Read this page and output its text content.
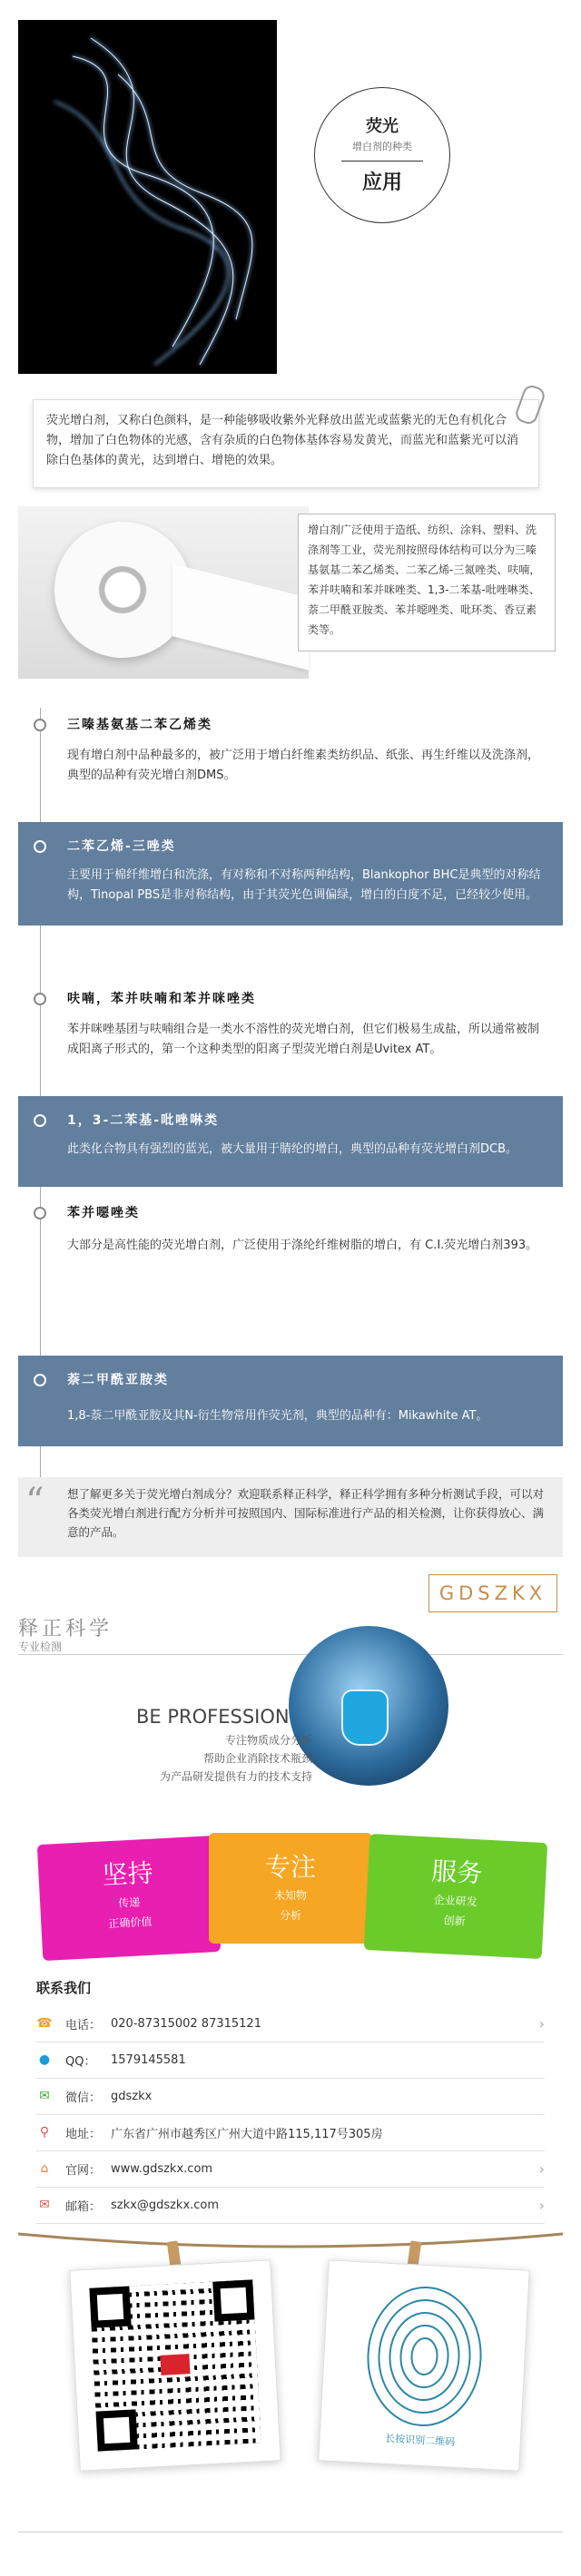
荧光
增白剂的种类
应用
荧光增白剂，又称白色颜料，是一种能够吸收紫外光释放出蓝光或蓝紫光的无色有机化合物，增加了白色物体的光感，含有杂质的白色物体基体容易发黄光，而蓝光和蓝紫光可以消除白色基体的黄光，达到增白、增艳的效果。
增白剂广泛使用于造纸、纺织、涂料、塑料、洗涤剂等工业，荧光剂按照母体结构可以分为三嗪基氨基二苯乙烯类、二苯乙烯-三氮唑类、呋喃，苯并呋喃和苯并咪唑类、1,3-二苯基-吡唑啉类、萘二甲酰亚胺类、苯并噁唑类、吡环类、香豆素类等。
三嗪基氨基二苯乙烯类
现有增白剂中品种最多的，被广泛用于增白纤维素类纺织品、纸张、再生纤维以及洗涤剂，典型的品种有荧光增白剂DMS。
二苯乙烯-三唑类
主要用于棉纤维增白和洗涤，有对称和不对称两种结构，Blankophor BHC是典型的对称结构，Tinopal PBS是非对称结构，由于其荧光色调偏绿，增白的白度不足，已经较少使用。
呋喃，苯并呋喃和苯并咪唑类
苯并咪唑基团与呋喃组合是一类水不溶性的荧光增白剂，但它们极易生成盐，所以通常被制成阳离子形式的，第一个这种类型的阳离子型荧光增白剂是Uvitex AT。
1，3-二苯基-吡唑啉类
此类化合物具有强烈的蓝光，被大量用于腈纶的增白，典型的品种有荧光增白剂DCB。
苯并噁唑类
大部分是高性能的荧光增白剂，广泛使用于涤纶纤维树脂的增白，有 C.I.荧光增白剂393。
萘二甲酰亚胺类
1,8-萘二甲酰亚胺及其N-衍生物常用作荧光剂，典型的品种有：Mikawhite AT。
想了解更多关于荧光增白剂成分？欢迎联系释正科学，释正科学拥有多种分析测试手段，可以对各类荧光增白剂进行配方分析并可按照国内、国际标准进行产品的相关检测，让你获得放心、满意的产品。
“
GDSZKX
释正科学
专业检测
BE PROFESSION
专注物质成分分析
帮助企业消除技术瓶颈
为产品研发提供有力的技术支持
坚持
传递
正确价值
专注
未知物
分析
服务
企业研发
创新
联系我们
☎ 电话： 020-87315002 87315121	›
● QQ：	1579145581
✉ 微信： gdszkx
⚲ 地址： 广东省广州市越秀区广州大道中路115,117号305房
⌂	官网： www.gdszkx.com	›
✉ 邮箱： szkx@gdszkx.com	›
长按识别二维码
